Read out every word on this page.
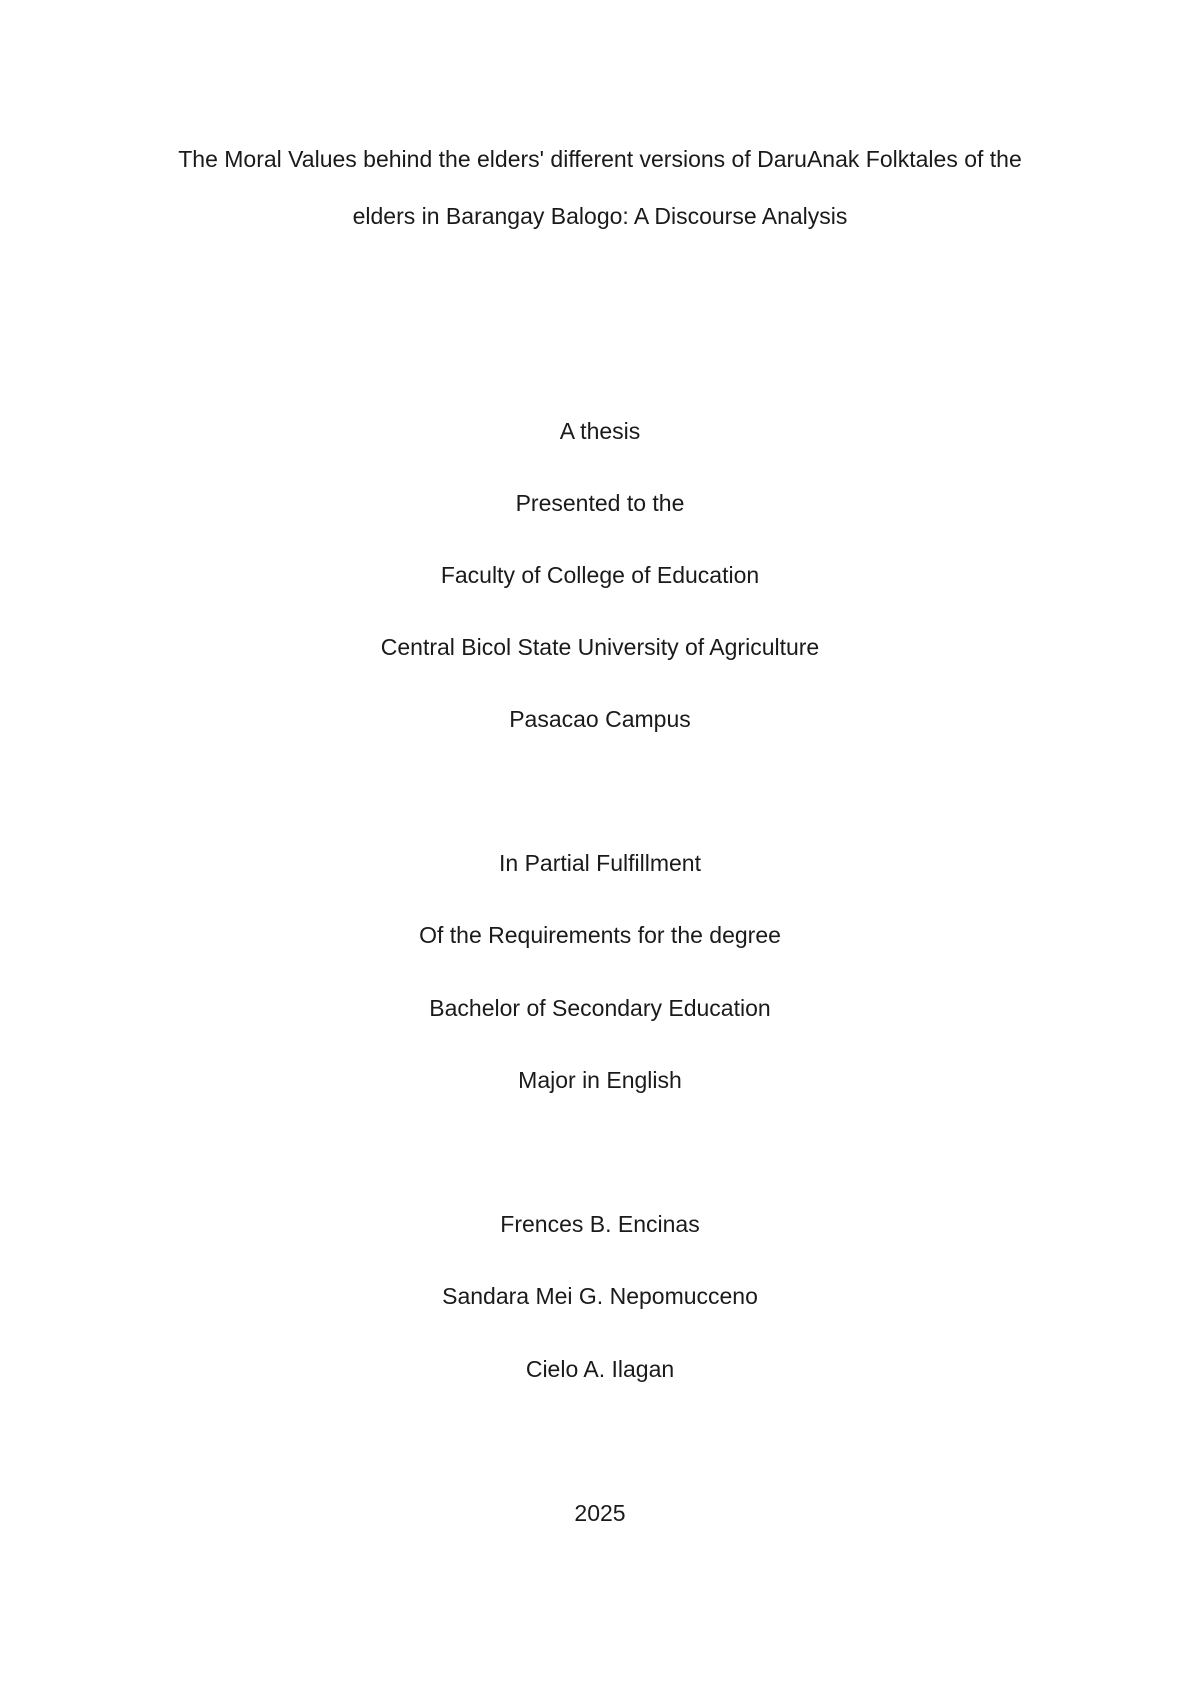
The Moral Values behind the elders' different versions of DaruAnak Folktales of the
elders in Barangay Balogo: A Discourse Analysis
A thesis
Presented to the
Faculty of College of Education
Central Bicol State University of Agriculture
Pasacao Campus
In Partial Fulfillment
Of the Requirements for the degree
Bachelor of Secondary Education
Major in English
Frences B. Encinas
Sandara Mei G. Nepomucceno
Cielo A. Ilagan
2025
